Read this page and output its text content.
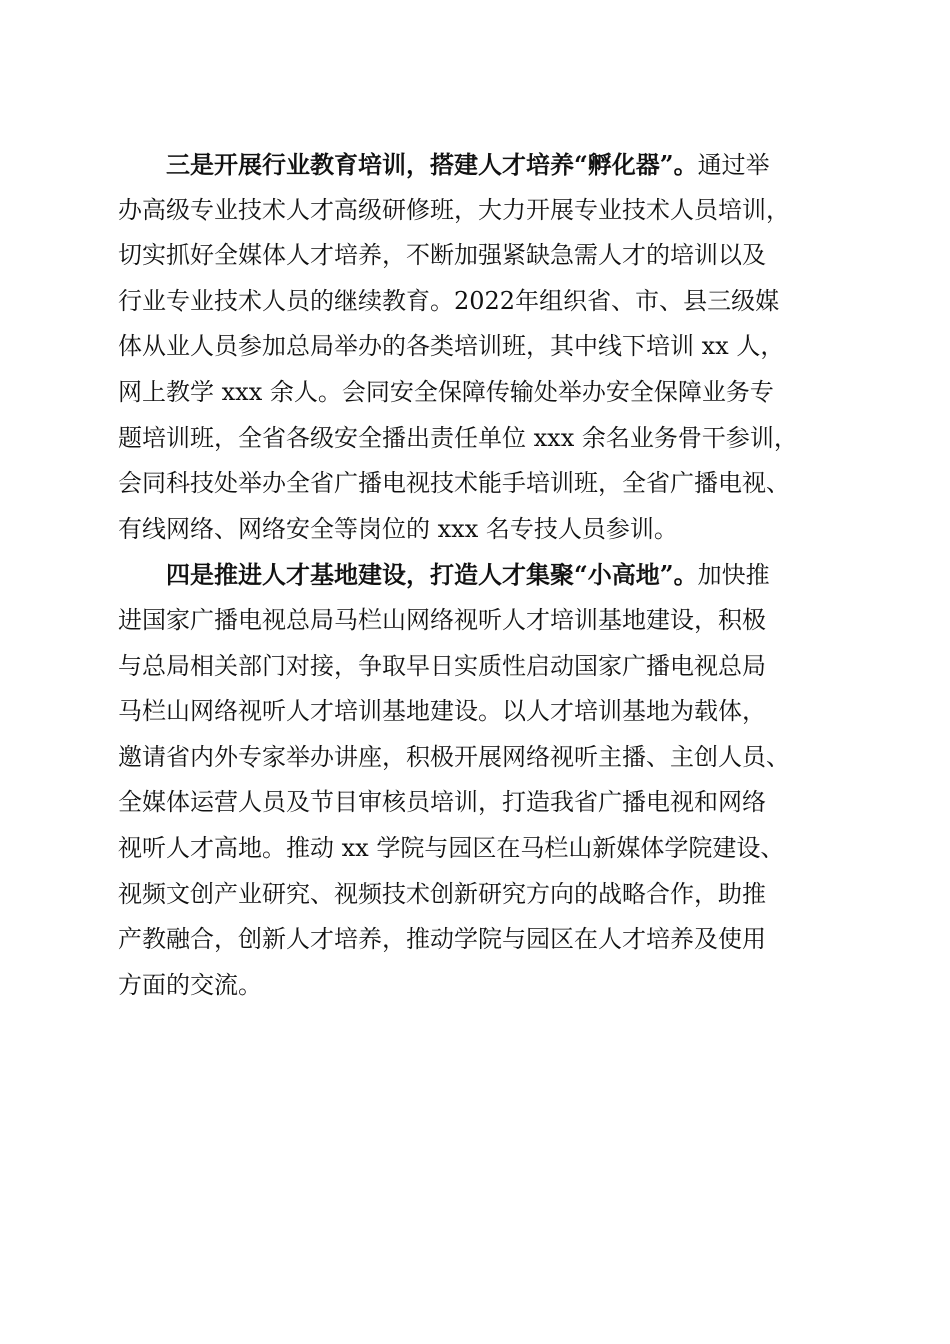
三是开展行业教育培训，搭建人才培养“孵化器”。通过举
办高级专业技术人才高级研修班，大力开展专业技术人员培训，
切实抓好全媒体人才培养，不断加强紧缺急需人才的培训以及
行业专业技术人员的继续教育。2022年组织省、市、县三级媒
体从业人员参加总局举办的各类培训班，其中线下培训 xx 人，
网上教学 xxx 余人。会同安全保障传输处举办安全保障业务专
题培训班，全省各级安全播出责任单位 xxx 余名业务骨干参训，
会同科技处举办全省广播电视技术能手培训班，全省广播电视、
有线网络、网络安全等岗位的 xxx 名专技人员参训。
四是推进人才基地建设，打造人才集聚“小高地”。加快推
进国家广播电视总局马栏山网络视听人才培训基地建设，积极
与总局相关部门对接，争取早日实质性启动国家广播电视总局
马栏山网络视听人才培训基地建设。以人才培训基地为载体，
邀请省内外专家举办讲座，积极开展网络视听主播、主创人员、
全媒体运营人员及节目审核员培训，打造我省广播电视和网络
视听人才高地。推动 xx 学院与园区在马栏山新媒体学院建设、
视频文创产业研究、视频技术创新研究方向的战略合作，助推
产教融合，创新人才培养，推动学院与园区在人才培养及使用
方面的交流。
